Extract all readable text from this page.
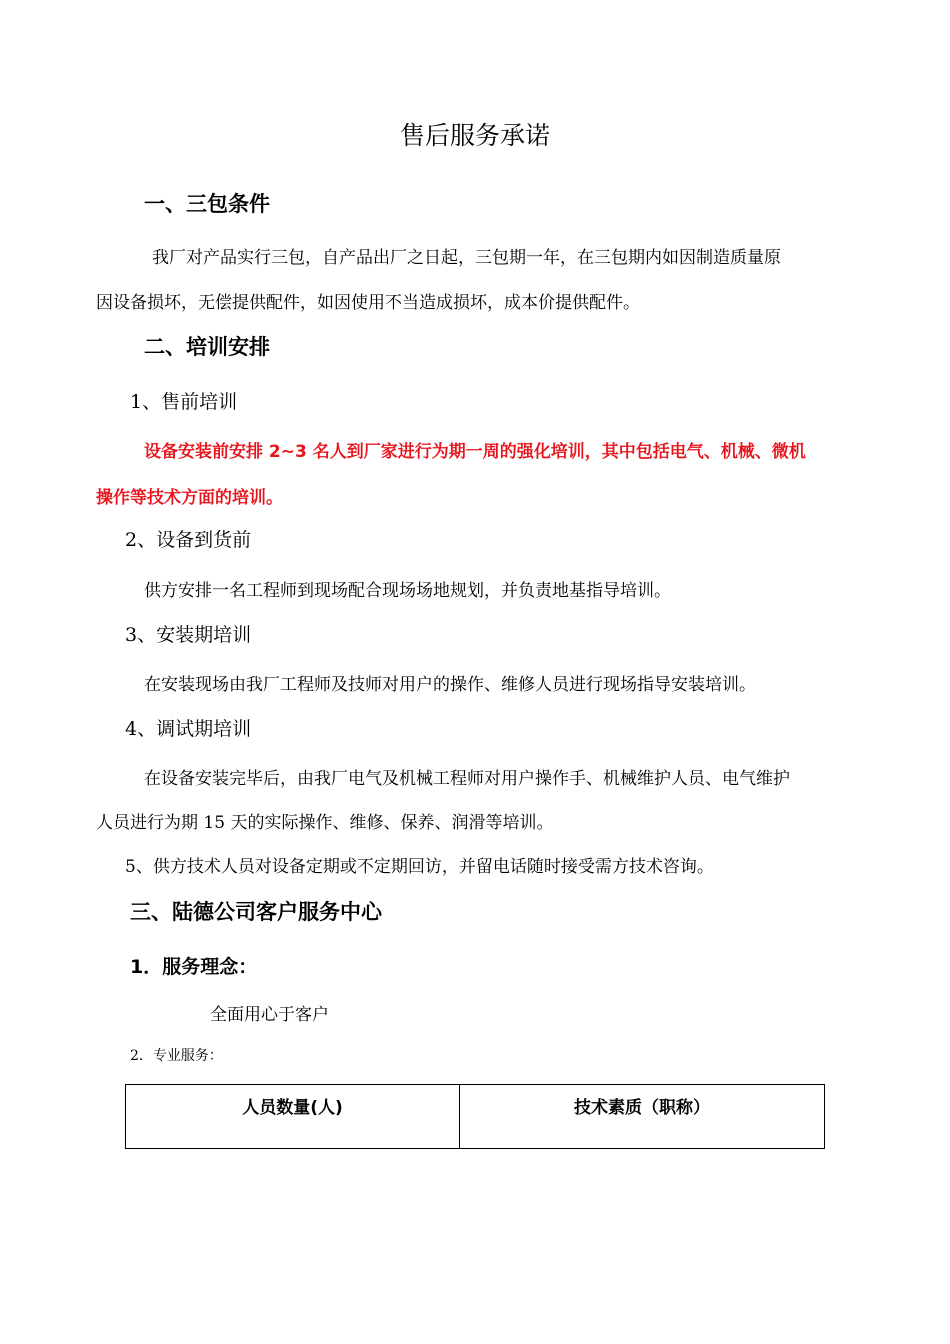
售后服务承诺
一、三包条件
我厂对产品实行三包，自产品出厂之日起，三包期一年，在三包期内如因制造质量原
因设备损坏，无偿提供配件，如因使用不当造成损坏，成本价提供配件。
二、培训安排
1、售前培训
设备安装前安排 2~3 名人到厂家进行为期一周的强化培训，其中包括电气、机械、微机
操作等技术方面的培训。
2、设备到货前
供方安排一名工程师到现场配合现场场地规划，并负责地基指导培训。
3、安装期培训
在安装现场由我厂工程师及技师对用户的操作、维修人员进行现场指导安装培训。
4、调试期培训
在设备安装完毕后，由我厂电气及机械工程师对用户操作手、机械维护人员、电气维护
人员进行为期 15 天的实际操作、维修、保养、润滑等培训。
5、供方技术人员对设备定期或不定期回访，并留电话随时接受需方技术咨询。
三、陆德公司客户服务中心
1．服务理念：
全面用心于客户
2．专业服务：
人员数量(人)	技术素质（职称）
